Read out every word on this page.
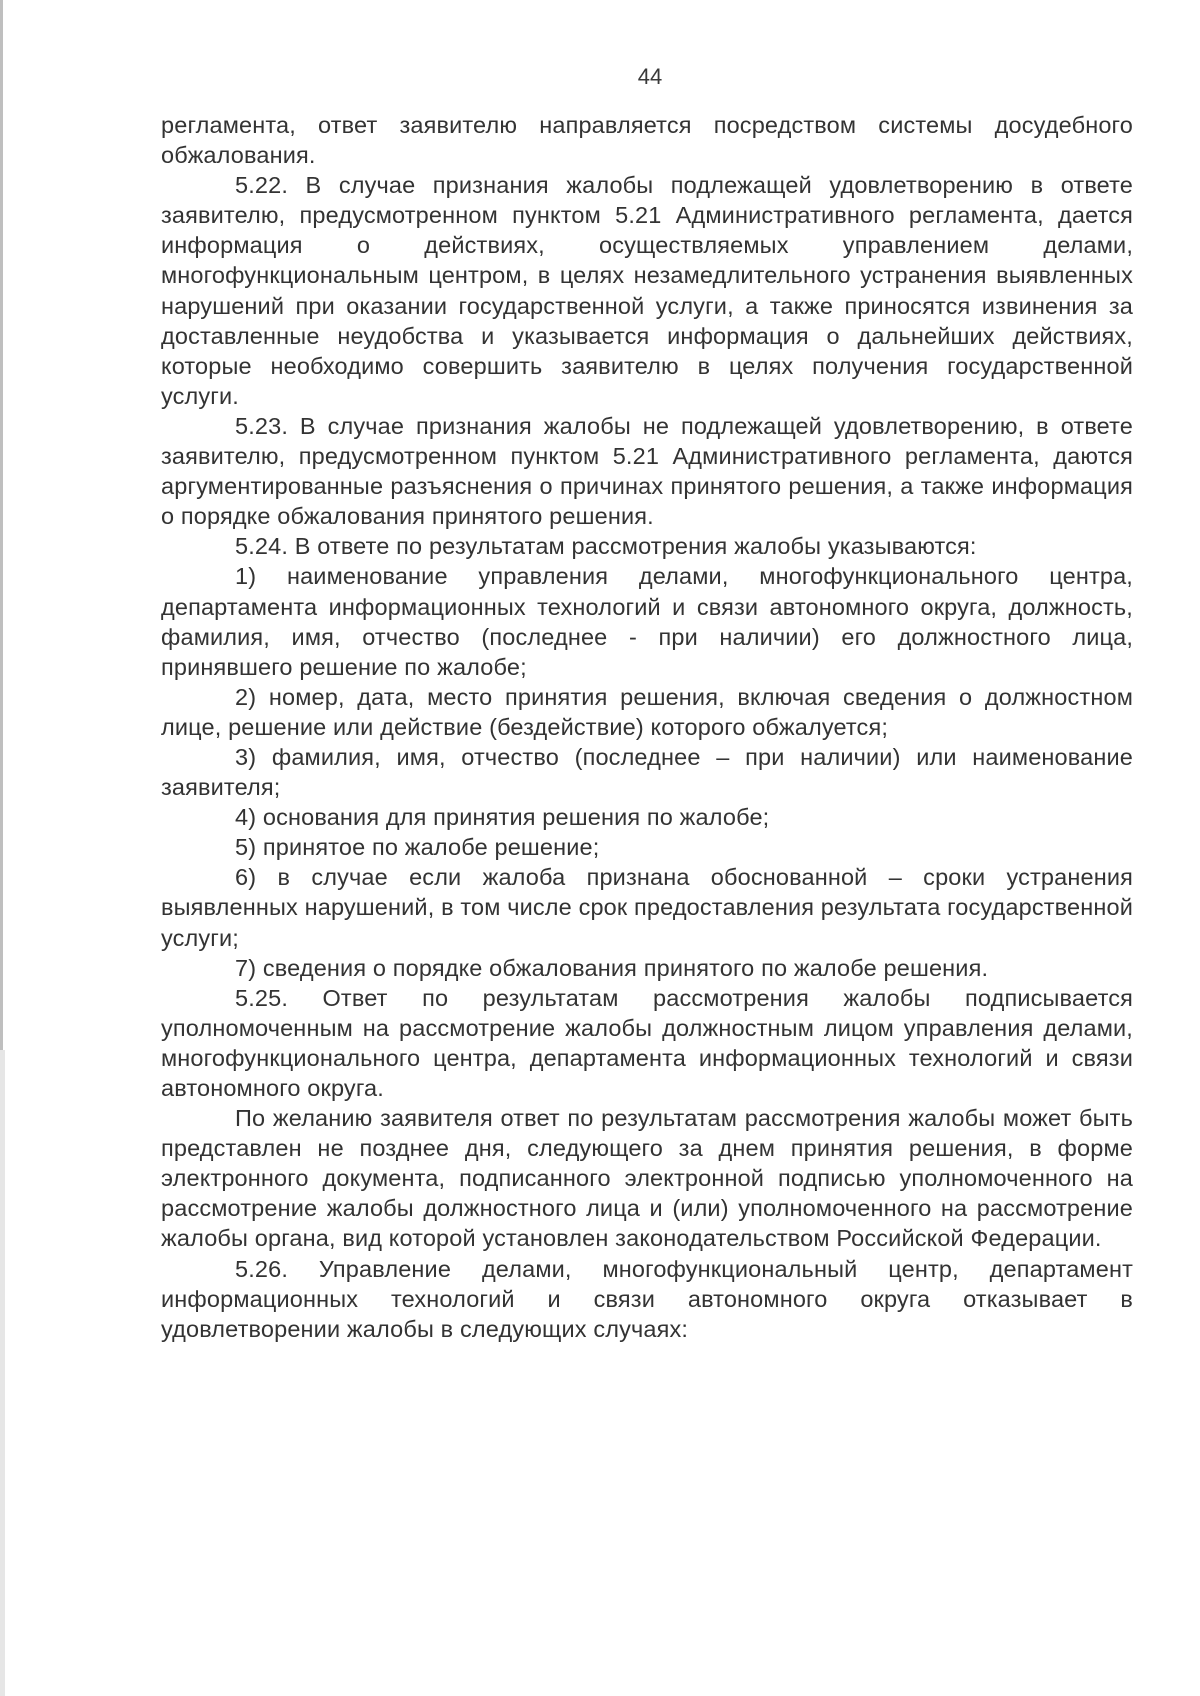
44

регламента, ответ заявителю направляется посредством системы досудебного обжалования.

5.22. В случае признания жалобы подлежащей удовлетворению в ответе заявителю, предусмотренном пунктом 5.21 Административного регламента, дается информация о действиях, осуществляемых управлением делами, многофункциональным центром, в целях незамедлительного устранения выявленных нарушений при оказании государственной услуги, а также приносятся извинения за доставленные неудобства и указывается информация о дальнейших действиях, которые необходимо совершить заявителю в целях получения государственной услуги.

5.23. В случае признания жалобы не подлежащей удовлетворению, в ответе заявителю, предусмотренном пунктом 5.21 Административного регламента, даются аргументированные разъяснения о причинах принятого решения, а также информация о порядке обжалования принятого решения.

5.24. В ответе по результатам рассмотрения жалобы указываются:

1) наименование управления делами, многофункционального центра, департамента информационных технологий и связи автономного округа, должность, фамилия, имя, отчество (последнее - при наличии) его должностного лица, принявшего решение по жалобе;

2) номер, дата, место принятия решения, включая сведения о должностном лице, решение или действие (бездействие) которого обжалуется;

3) фамилия, имя, отчество (последнее – при наличии) или наименование заявителя;

4) основания для принятия решения по жалобе;

5) принятое по жалобе решение;

6) в случае если жалоба признана обоснованной – сроки устранения выявленных нарушений, в том числе срок предоставления результата государственной услуги;

7) сведения о порядке обжалования принятого по жалобе решения.

5.25. Ответ по результатам рассмотрения жалобы подписывается уполномоченным на рассмотрение жалобы должностным лицом управления делами, многофункционального центра, департамента информационных технологий и связи автономного округа.

По желанию заявителя ответ по результатам рассмотрения жалобы может быть представлен не позднее дня, следующего за днем принятия решения, в форме электронного документа, подписанного электронной подписью уполномоченного на рассмотрение жалобы должностного лица и (или) уполномоченного на рассмотрение жалобы органа, вид которой установлен законодательством Российской Федерации.

5.26. Управление делами, многофункциональный центр, департамент информационных технологий и связи автономного округа отказывает в удовлетворении жалобы в следующих случаях:
